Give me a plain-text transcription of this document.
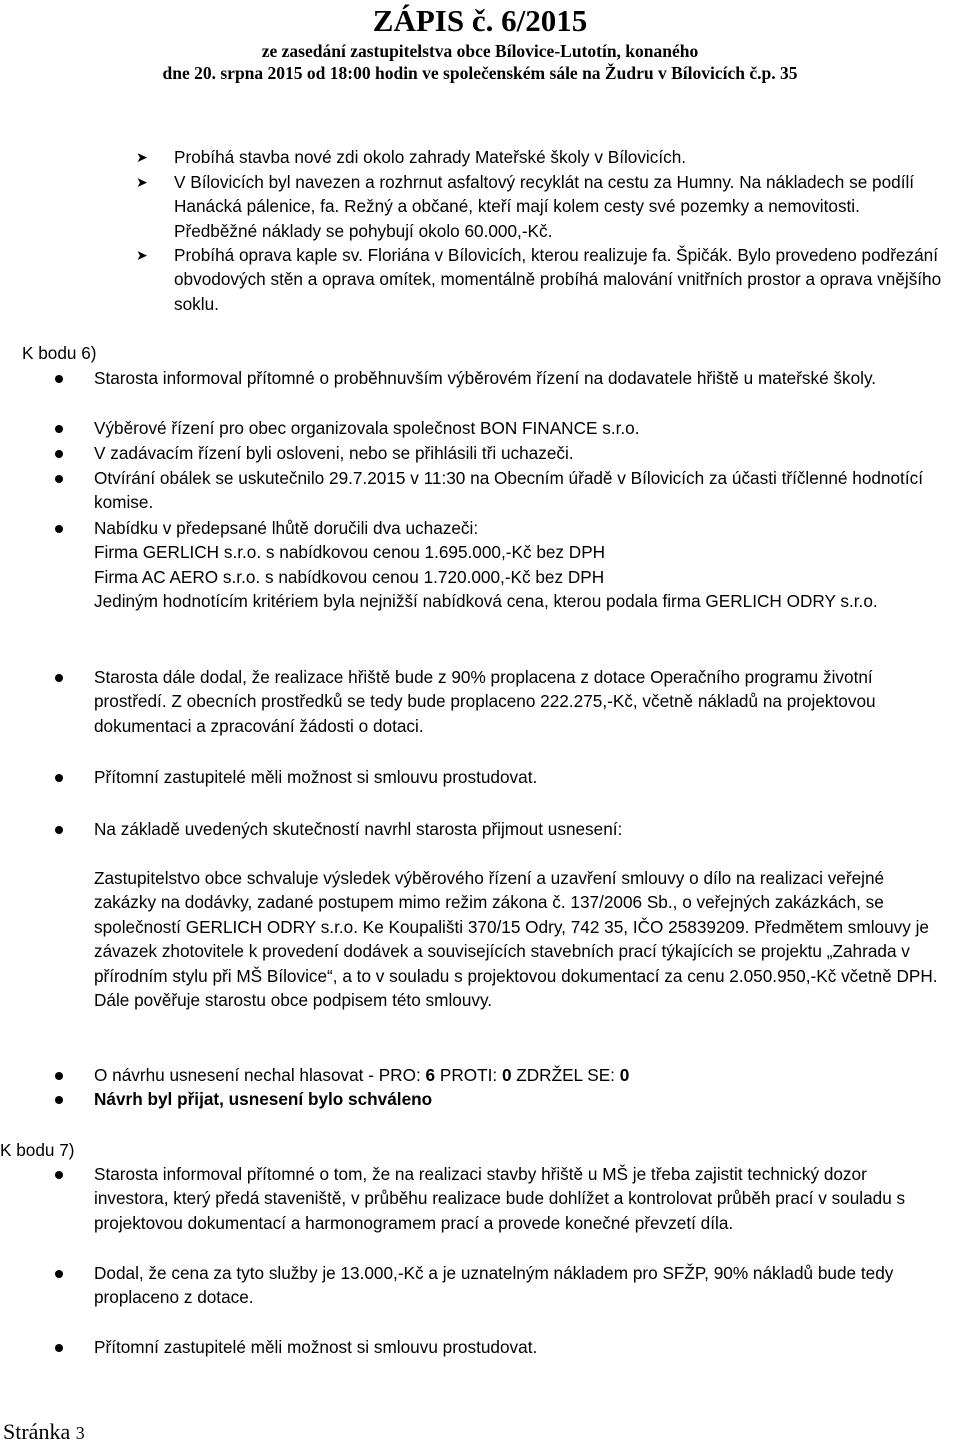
ZÁPIS č. 6/2015
ze zasedání zastupitelstva obce Bílovice-Lutotín, konaného
dne 20. srpna 2015 od 18:00 hodin ve společenském sále na Žudru v Bílovicích č.p. 35
➤ Probíhá stavba nové zdi okolo zahrady Mateřské školy v Bílovicích.
➤ V Bílovicích byl navezen a rozhrnut asfaltový recyklát na cestu za Humny. Na nákladech se podílí Hanácká pálenice, fa. Režný a občané, kteří mají kolem cesty své pozemky a nemovitosti. Předběžné náklady se pohybují okolo 60.000,-Kč.
➤ Probíhá oprava kaple sv. Floriána v Bílovicích, kterou realizuje fa. Špičák. Bylo provedeno podřezání obvodových stěn a oprava omítek, momentálně probíhá malování vnitřních prostor a oprava vnějšího soklu.
K bodu 6)
Starosta informoval přítomné o proběhnuvším výběrovém řízení na dodavatele hřiště u mateřské školy.
Výběrové řízení pro obec organizovala společnost BON FINANCE s.r.o.
V zadávacím řízení byli osloveni, nebo se přihlásili tři uchazeči.
Otvírání obálek se uskutečnilo 29.7.2015 v 11:30 na Obecním úřadě v Bílovicích za účasti tříčlenné hodnotící komise.
Nabídku v předepsané lhůtě doručili dva uchazeči:
Firma GERLICH s.r.o. s nabídkovou cenou 1.695.000,-Kč bez DPH
Firma AC AERO s.r.o. s nabídkovou cenou 1.720.000,-Kč bez DPH
Jediným hodnotícím kritériem byla nejnižší nabídková cena, kterou podala firma GERLICH ODRY s.r.o.
Starosta dále dodal, že realizace hřiště bude z 90% proplacena z dotace Operačního programu životní prostředí. Z obecních prostředků se tedy bude proplaceno 222.275,-Kč, včetně nákladů na projektovou dokumentaci a zpracování žádosti o dotaci.
Přítomní zastupitelé měli možnost si smlouvu prostudovat.
Na základě uvedených skutečností navrhl starosta přijmout usnesení:
Zastupitelstvo obce schvaluje výsledek výběrového řízení a uzavření smlouvy o dílo na realizaci veřejné zakázky na dodávky, zadané postupem mimo režim zákona č. 137/2006 Sb., o veřejných zakázkách, se společností GERLICH ODRY s.r.o. Ke Koupališti 370/15 Odry, 742 35, IČO 25839209. Předmětem smlouvy je závazek zhotovitele k provedení dodávek a souvisejících stavebních prací týkajících se projektu „Zahrada v přírodním stylu při MŠ Bílovice“, a to v souladu s projektovou dokumentací za cenu 2.050.950,-Kč včetně DPH. Dále pověřuje starostu obce podpisem této smlouvy.
O návrhu usnesení nechal hlasovat - PRO: 6 PROTI: 0 ZDRŽEL SE: 0
Návrh byl přijat, usnesení bylo schváleno
K bodu 7)
Starosta informoval přítomné o tom, že na realizaci stavby hřiště u MŠ je třeba zajistit technický dozor investora, který předá staveniště, v průběhu realizace bude dohlížet a kontrolovat průběh prací v souladu s projektovou dokumentací a harmonogramem prací a provede konečné převzetí díla.
Dodal, že cena za tyto služby je 13.000,-Kč a je uznatelným nákladem pro SFŽP, 90% nákladů bude tedy proplaceno z dotace.
Přítomní zastupitelé měli možnost si smlouvu prostudovat.
Stránka 3
